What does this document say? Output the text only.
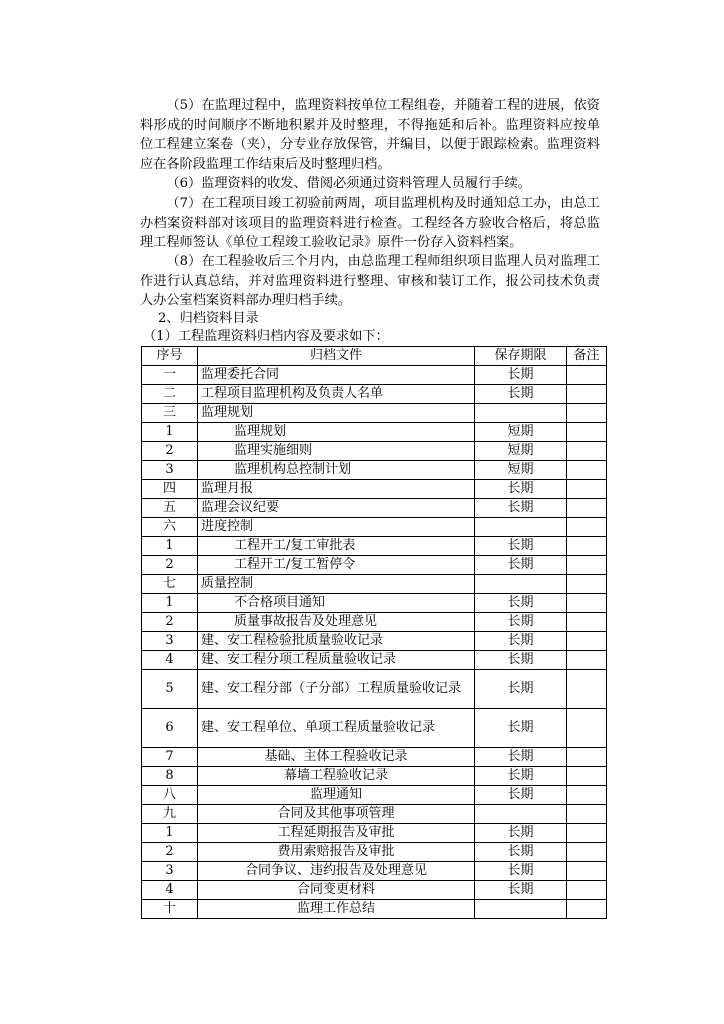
（5）在监理过程中，监理资料按单位工程组卷，并随着工程的进展，依资料形成的时间顺序不断地积累并及时整理，不得拖延和后补。监理资料应按单位工程建立案卷（夹），分专业存放保管，并编目，以便于跟踪检索。监理资料应在各阶段监理工作结束后及时整理归档。

（6）监理资料的收发、借阅必须通过资料管理人员履行手续。

（7）在工程项目竣工初验前两周，项目监理机构及时通知总工办，由总工办档案资料部对该项目的监理资料进行检查。工程经各方验收合格后，将总监理工程师签认《单位工程竣工验收记录》原件一份存入资料档案。

（8）在工程验收后三个月内，由总监理工程师组织项目监理人员对监理工作进行认真总结，并对监理资料进行整理、审核和装订工作，报公司技术负责人办公室档案资料部办理归档手续。

2、归档资料目录
（1）工程监理资料归档内容及要求如下：
序号	归档文件	保存期限	备注
一	监理委托合同	长期	
二	工程项目监理机构及负责人名单	长期	
三	监理规划		
1	监理规划	短期	
2	监理实施细则	短期	
3	监理机构总控制计划	短期	
四	监理月报	长期	
五	监理会议纪要	长期	
六	进度控制		
1	工程开工/复工审批表	长期	
2	工程开工/复工暂停令	长期	
七	质量控制		
1	不合格项目通知	长期	
2	质量事故报告及处理意见	长期	
3	建、安工程检验批质量验收记录	长期	
4	建、安工程分项工程质量验收记录	长期	
5	建、安工程分部（子分部）工程质量验收记录	长期	
6	建、安工程单位、单项工程质量验收记录	长期	
7	基础、主体工程验收记录	长期	
8	幕墙工程验收记录	长期	
八	监理通知	长期	
九	合同及其他事项管理		
1	工程延期报告及审批	长期	
2	费用索赔报告及审批	长期	
3	合同争议、违约报告及处理意见	长期	
4	合同变更材料	长期	
十	监理工作总结		
